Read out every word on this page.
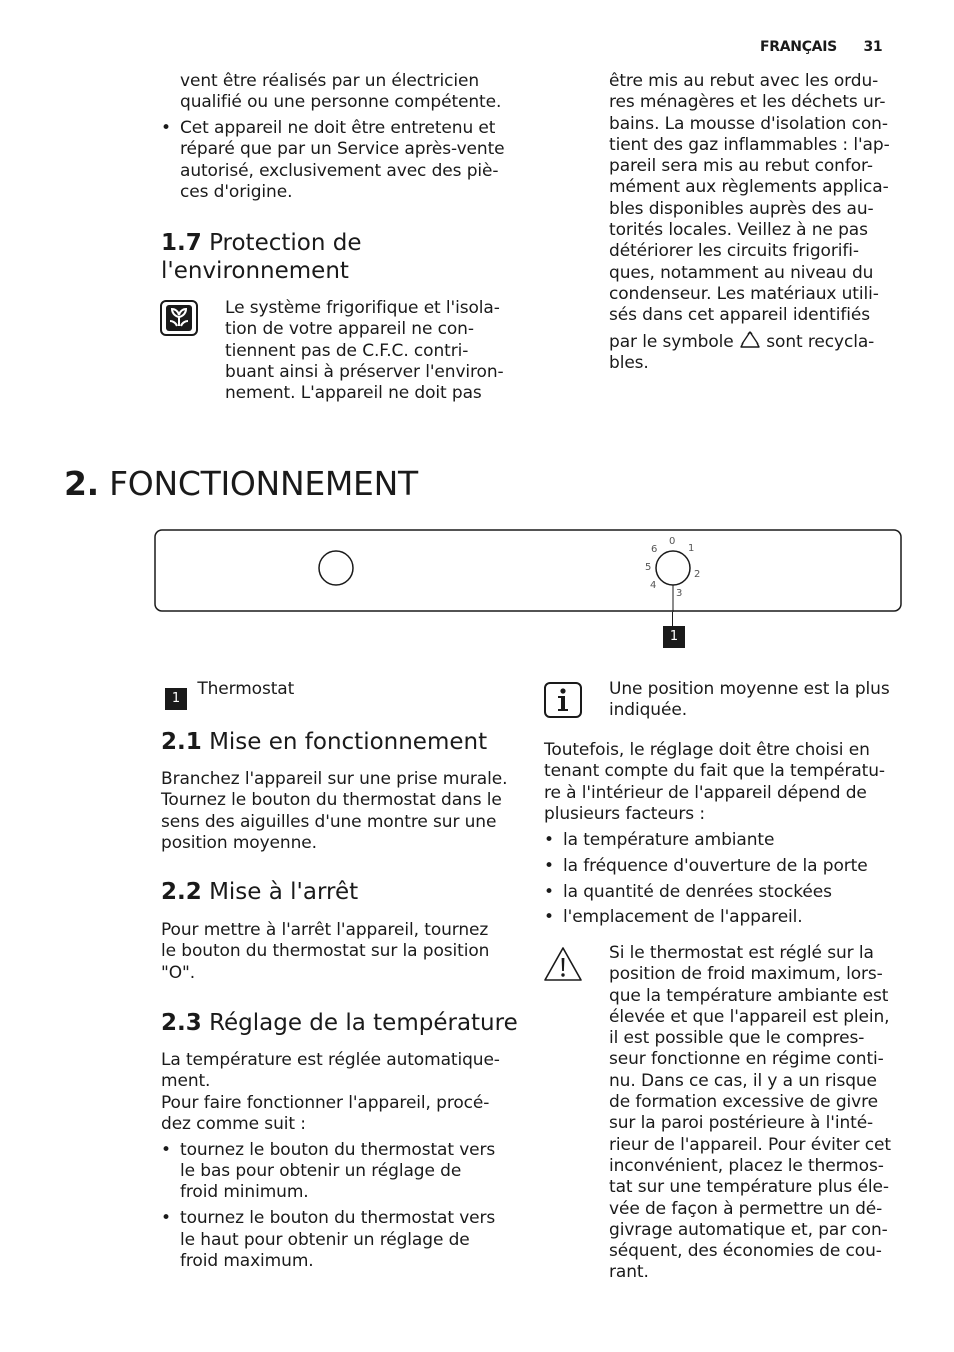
FRANÇAIS 31

vent être réalisés par un électricien
qualifié ou une personne compétente.

• Cet appareil ne doit être entretenu et
réparé que par un Service après-vente
autorisé, exclusivement avec des piè-
ces d'origine.

1.7 Protection de
l'environnement

Le système frigorifique et l'isola-
tion de votre appareil ne con-
tiennent pas de C.F.C. contri-
buant ainsi à préserver l'environ-
nement. L'appareil ne doit pas

être mis au rebut avec les ordu-
res ménagères et les déchets ur-
bains. La mousse d'isolation con-
tient des gaz inflammables : l'ap-
pareil sera mis au rebut confor-
mément aux règlements applica-
bles disponibles auprès des au-
torités locales. Veillez à ne pas
détériorer les circuits frigorifi-
ques, notamment au niveau du
condenseur. Les matériaux utili-
sés dans cet appareil identifiés

par le symbole sont recycla-

bles.

2. FONCTIONNEMENT
0
1
2
3
4
5
6
1
1 Thermostat
2.1 Mise en fonctionnement

Branchez l'appareil sur une prise murale.
Tournez le bouton du thermostat dans le
sens des aiguilles d'une montre sur une
position moyenne.

2.2 Mise à l'arrêt

Pour mettre à l'arrêt l'appareil, tournez
le bouton du thermostat sur la position
"O".

2.3 Réglage de la température

La température est réglée automatique-
ment.
Pour faire fonctionner l'appareil, procé-
dez comme suit :

• tournez le bouton du thermostat vers
le bas pour obtenir un réglage de
froid minimum.

• tournez le bouton du thermostat vers
le haut pour obtenir un réglage de
froid maximum.

Une position moyenne est la plus
indiquée.

Toutefois, le réglage doit être choisi en
tenant compte du fait que la températu-
re à l'intérieur de l'appareil dépend de
plusieurs facteurs :

• la température ambiante

• la fréquence d'ouverture de la porte

• la quantité de denrées stockées

• l'emplacement de l'appareil.

Si le thermostat est réglé sur la
position de froid maximum, lors-
que la température ambiante est
élevée et que l'appareil est plein,
il est possible que le compres-
seur fonctionne en régime conti-
nu. Dans ce cas, il y a un risque
de formation excessive de givre
sur la paroi postérieure à l'inté-
rieur de l'appareil. Pour éviter cet
inconvénient, placez le thermos-
tat sur une température plus éle-
vée de façon à permettre un dé-
givrage automatique et, par con-
séquent, des économies de cou-
rant.
